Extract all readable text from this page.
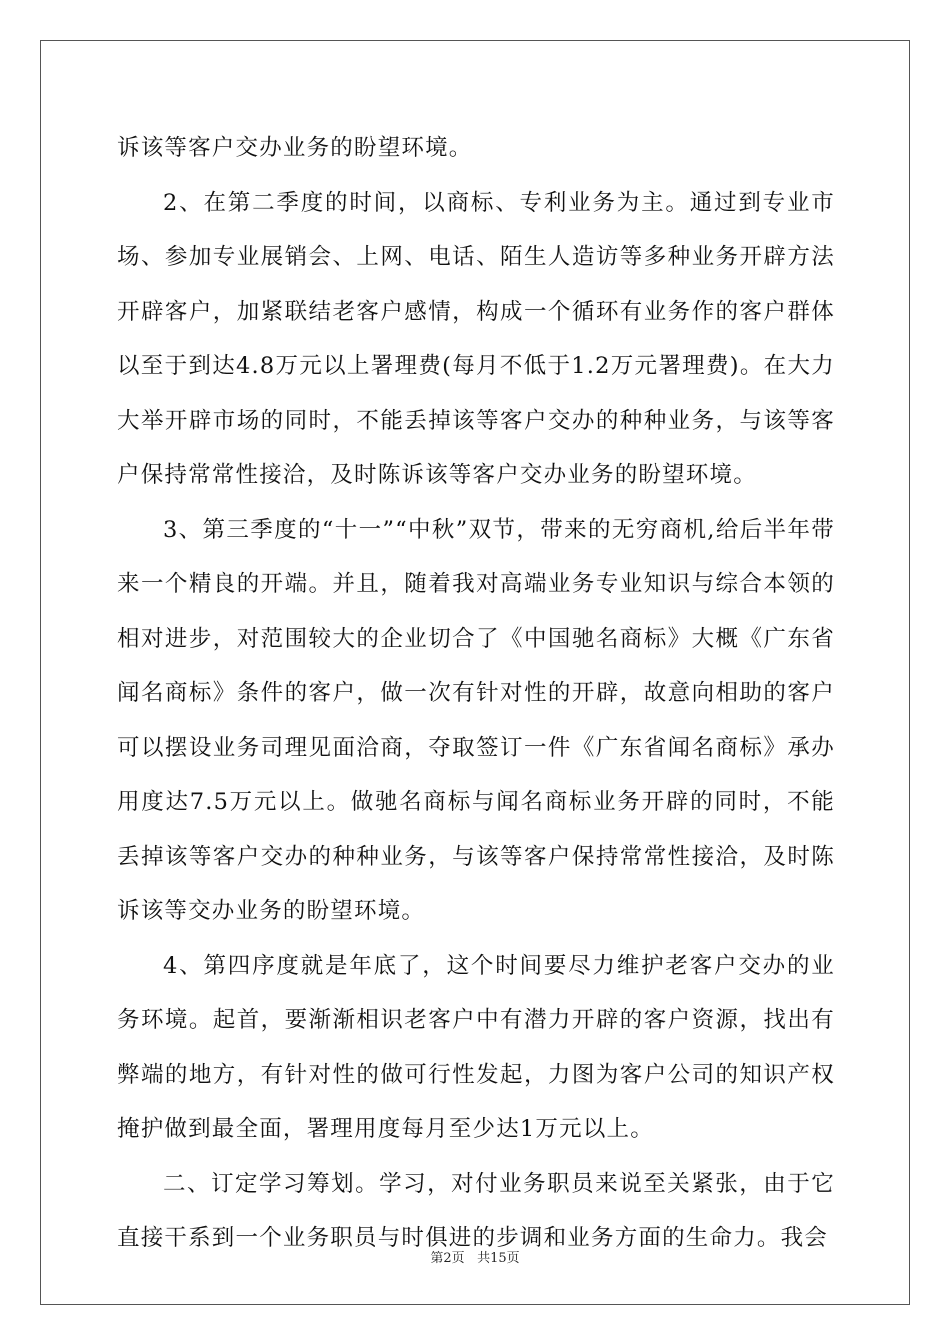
诉该等客户交办业务的盼望环境。

2、在第二季度的时间，以商标、专利业务为主。通过到专业市场、参加专业展销会、上网、电话、陌生人造访等多种业务开辟方法开辟客户，加紧联结老客户感情，构成一个循环有业务作的客户群体以至于到达4.8万元以上署理费(每月不低于1.2万元署理费)。在大力大举开辟市场的同时，不能丢掉该等客户交办的种种业务，与该等客户保持常常性接洽，及时陈诉该等客户交办业务的盼望环境。

3、第三季度的“十一”“中秋”双节，带来的无穷商机,给后半年带来一个精良的开端。并且，随着我对高端业务专业知识与综合本领的相对进步，对范围较大的企业切合了《中国驰名商标》大概《广东省闻名商标》条件的客户，做一次有针对性的开辟，故意向相助的客户可以摆设业务司理见面洽商，夺取签订一件《广东省闻名商标》承办用度达7.5万元以上。做驰名商标与闻名商标业务开辟的同时，不能丢掉该等客户交办的种种业务，与该等客户保持常常性接洽，及时陈诉该等交办业务的盼望环境。

4、第四序度就是年底了，这个时间要尽力维护老客户交办的业务环境。起首，要渐渐相识老客户中有潜力开辟的客户资源，找出有弊端的地方，有针对性的做可行性发起，力图为客户公司的知识产权掩护做到最全面，署理用度每月至少达1万元以上。

二、订定学习筹划。学习，对付业务职员来说至关紧张，由于它直接干系到一个业务职员与时俱进的步调和业务方面的生命力。我会

第2页 共15页
